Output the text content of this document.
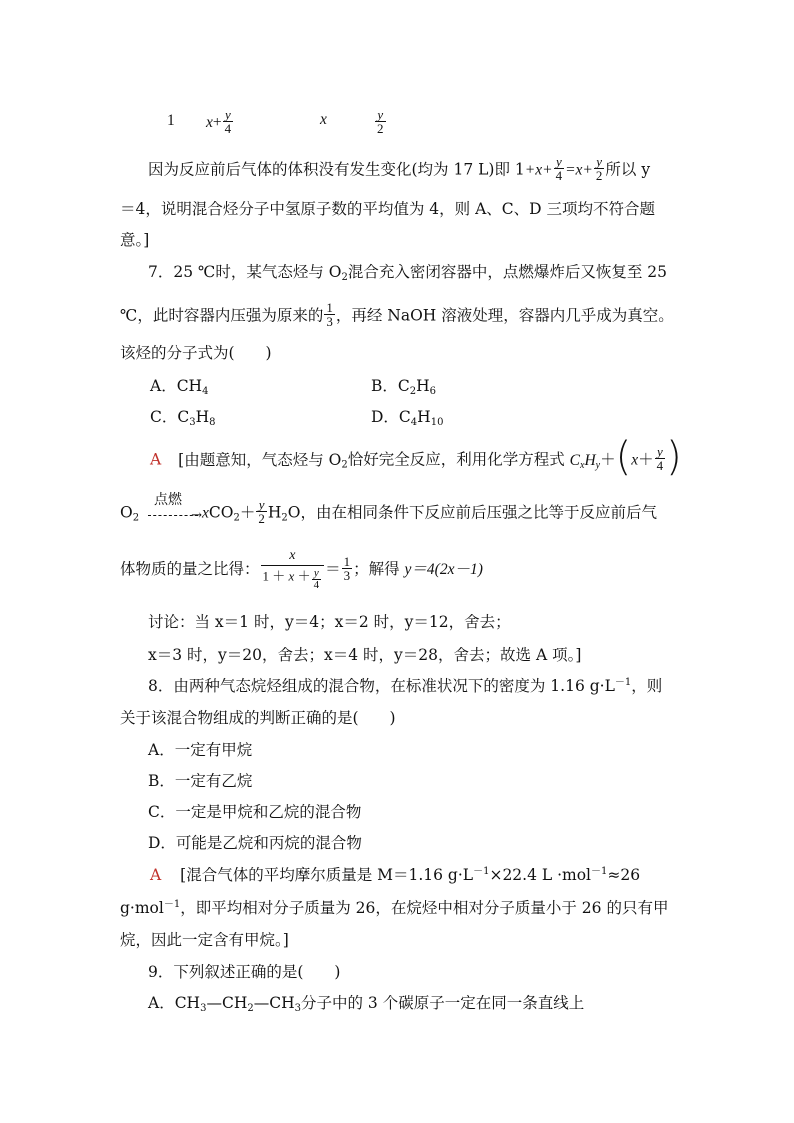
1 $x+ \frac{y}{4}$	x	$\frac{y}{2}$
因为反应前后气体的体积没有发生变化(均为 17 L)即 $1+x+ \frac{y}{4} =x+ \frac{y}{2}$ 所以 y
＝4，说明混合烃分子中氢原子数的平均值为 4，则 A、C、D 三项均不符合题
意。]
7．25 ℃时，某气态烃与 $O_2$混合充入密闭容器中，点燃爆炸后又恢复至 25
℃，此时容器内压强为原来的 $\frac{1}{3}$ ，再经 NaOH 溶液处理，容器内几乎成为真空。
该烃的分子式为(　　)
A．$CH_4$	B．$C_2H_6$
C．$C_3H_8$	D．$C_4H_{10}$
A [由题意知，气态烃与 $O_2$恰好完全反应，利用化学方程式 $C_xH_y+(x+ \frac{y}{4}$ )
$O_2$
点燃
→ $xCO_2+ \frac{y}{2} H_2O$，由在相同条件下反应前后压强之比等于反应前后气
体物质的量之比得： $\frac{x}{1 + x + \frac{y}{4}} = \frac{1}{3}$ ；解得 y＝4(2x－1)
讨论：当 x＝1 时，y＝4；x＝2 时，y＝12，舍去；
x＝3 时，y＝20，舍去；x＝4 时，y＝28，舍去；故选 A 项。]
8．由两种气态烷烃组成的混合物，在标准状况下的密度为 1.16 $g\cdot L^{-1}$，则
关于该混合物组成的判断正确的是(　　)
A．一定有甲烷
B．一定有乙烷
C．一定是甲烷和乙烷的混合物
D．可能是乙烷和丙烷的混合物
A [混合气体的平均摩尔质量是 M＝1.16 $g\cdot L^{-1}\times 22.4$ L ·mol$^{-1}$≈26
g·mol$^{-1}$，即平均相对分子质量为 26，在烷烃中相对分子质量小于 26 的只有甲
烷，因此一定含有甲烷。]
9．下列叙述正确的是(　　)
A．$CH_3—CH_2—CH_3$分子中的 3 个碳原子一定在同一条直线上
